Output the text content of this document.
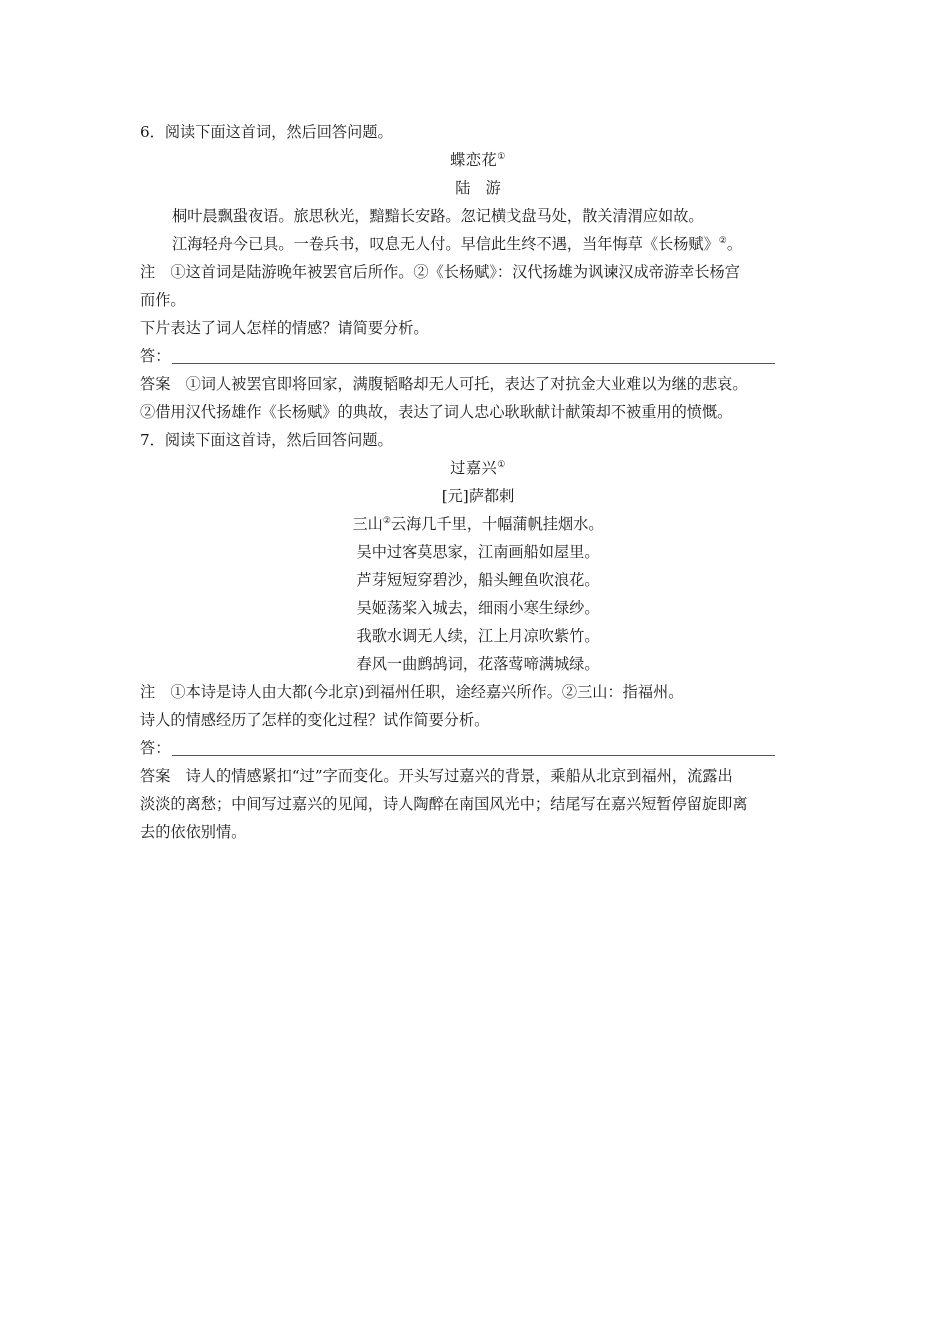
6．阅读下面这首词，然后回答问题。
蝶恋花①
陆　游
桐叶晨飘蛩夜语。旅思秋光，黯黯长安路。忽记横戈盘马处，散关清渭应如故。
江海轻舟今已具。一卷兵书，叹息无人付。早信此生终不遇，当年悔草《长杨赋》②。
注　①这首词是陆游晚年被罢官后所作。②《长杨赋》：汉代扬雄为讽谏汉成帝游幸长杨宫
而作。
下片表达了词人怎样的情感？请简要分析。
答：
答案　①词人被罢官即将回家，满腹韬略却无人可托，表达了对抗金大业难以为继的悲哀。
②借用汉代扬雄作《长杨赋》的典故，表达了词人忠心耿耿献计献策却不被重用的愤慨。
7．阅读下面这首诗，然后回答问题。
过嘉兴①
[元]萨都剌
三山②云海几千里，十幅蒲帆挂烟水。
吴中过客莫思家，江南画船如屋里。
芦芽短短穿碧沙，船头鲤鱼吹浪花。
吴姬荡桨入城去，细雨小寒生绿纱。
我歌水调无人续，江上月凉吹紫竹。
春风一曲鹧鸪词，花落莺啼满城绿。
注　①本诗是诗人由大都(今北京)到福州任职，途经嘉兴所作。②三山：指福州。
诗人的情感经历了怎样的变化过程？试作简要分析。
答：
答案　诗人的情感紧扣“过”字而变化。开头写过嘉兴的背景，乘船从北京到福州，流露出
淡淡的离愁；中间写过嘉兴的见闻，诗人陶醉在南国风光中；结尾写在嘉兴短暂停留旋即离
去的依依别情。
